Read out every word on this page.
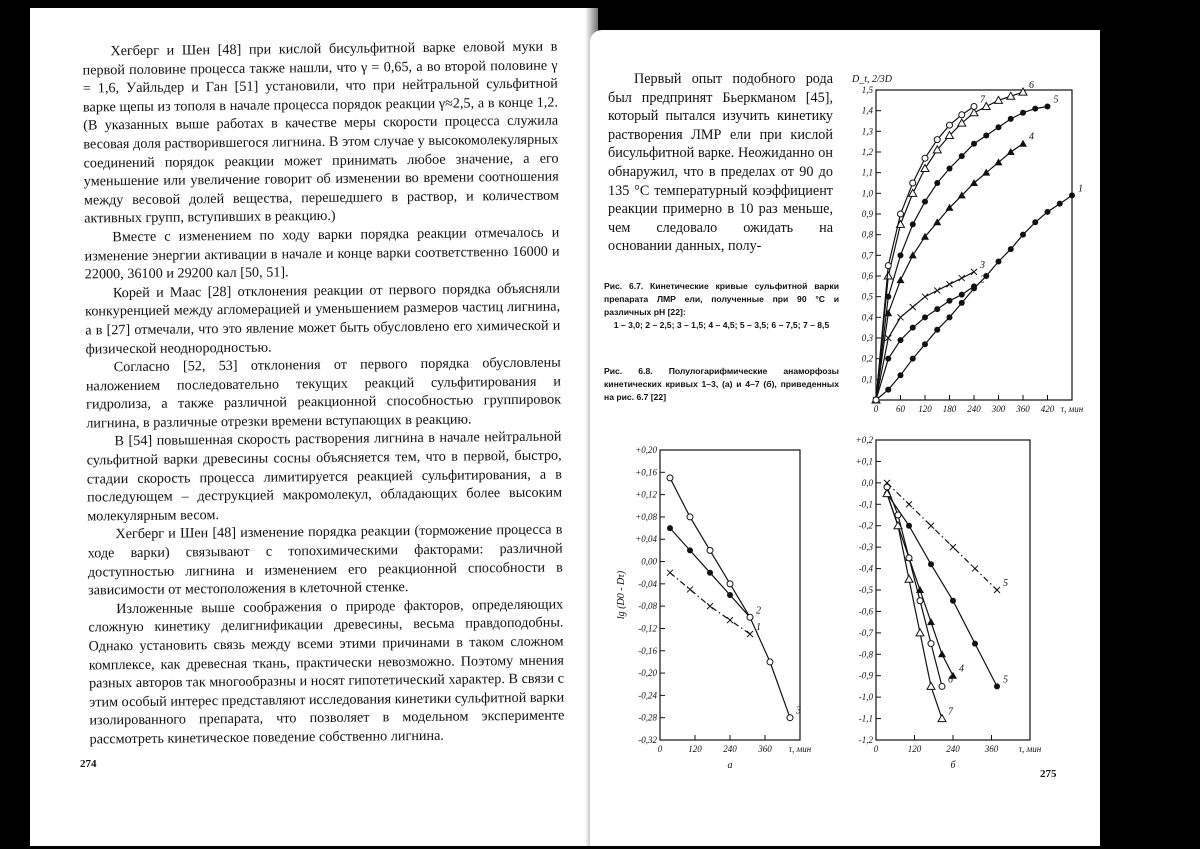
Хегберг и Шен [48] при кислой бисульфитной варке еловой муки в первой половине процесса также нашли, что γ = 0,65, а во второй половине γ = 1,6, Уайльдер и Ган [51] установили, что при нейтральной сульфитной варке щепы из тополя в начале процесса порядок реакции γ≈2,5, а в конце 1,2. (В указанных выше работах в качестве меры скорости процесса служила весовая доля растворившегося лигнина. В этом случае у высокомолекулярных соединений порядок реакции может принимать любое значение, а его уменьшение или увеличение говорит об изменении во времени соотношения между весовой долей вещества, перешедшего в раствор, и количеством активных групп, вступивших в реакцию.)

Вместе с изменением по ходу варки порядка реакции отмечалось и изменение энергии активации в начале и конце варки соответственно 16000 и 22000, 36100 и 29200 кал [50, 51].

Корей и Маас [28] отклонения реакции от первого порядка объясняли конкуренцией между агломерацией и уменьшением размеров частиц лигнина, а в [27] отмечали, что это явление может быть обусловлено его химической и физической неоднородностью.

Согласно [52, 53] отклонения от первого порядка обусловлены наложением последовательно текущих реакций сульфитирования и гидролиза, а также различной реакционной способностью группировок лигнина, в различные отрезки времени вступающих в реакцию.

В [54] повышенная скорость растворения лигнина в начале нейтральной сульфитной варки древесины сосны объясняется тем, что в первой, быстро, стадии скорость процесса лимитируется реакцией сульфитирования, а в последующем – деструкцией макромолекул, обладающих более высоким молекулярным весом.

Хегберг и Шен [48] изменение порядка реакции (торможение процесса в ходе варки) связывают с топохимическими факторами: различной доступностью лигнина и изменением его реакционной способности в зависимости от местоположения в клеточной стенке.

Изложенные выше соображения о природе факторов, определяющих сложную кинетику делигнификации древесины, весьма правдоподобны. Однако установить связь между всеми этими причинами в таком сложном комплексе, как древесная ткань, практически невозможно. Поэтому мнения разных авторов так многообразны и носят гипотетический характер. В связи с этим особый интерес представляют исследования кинетики сульфитной варки изолированного препарата, что позволяет в модельном эксперименте рассмотреть кинетическое поведение собственно лигнина.

274

Первый опыт подобного рода был предпринят Бьеркманом [45], который пытался изучить кинетику растворения ЛМР ели при кислой бисульфитной варке. Неожиданно он обнаружил, что в пределах от 90 до 135 °С температурный коэффициент реакции примерно в 10 раз меньше, чем следовало ожидать на основании данных, полу-

Рис. 6.7. Кинетические кривые сульфитной варки препарата ЛМР ели, полученные при 90 °С и различных pH [22]:
1 – 3,0; 2 – 2,5; 3 – 1,5; 4 – 4,5; 5 – 3,5; 6 – 7,5; 7 – 8,5
Рис. 6.8. Полулогарифмические анаморфозы кинетических кривых 1–3, (а) и 4–7 (б), приведенных на рис. 6.7 [22]
0,1
0,2
0,3
0,4
0,5
0,6
0,7
0,8
0,9
1,0
1,1
1,2
1,3
1,4
1,5
0 60 120 180 240 300 360 420 τ, мин
D_t, 2/3D
1
2
3
4
5
6
7
+0,20
+0,16
+0,12
+0,08
+0,04
0,00
-0,04
-0,08
-0,12
-0,16
-0,20
-0,24
-0,28
-0,32
0	120 240 360 τ, мин
lg (D0 - Dτ)
а
1
2
3
+0,2
+0,1
0,0
-0,1
-0,2
-0,3
-0,4
-0,5
-0,6
-0,7
-0,8
-0,9
-1,0
-1,1
-1,2
0	120	240	360 τ, мин
б
4
5
6
7
5
275
